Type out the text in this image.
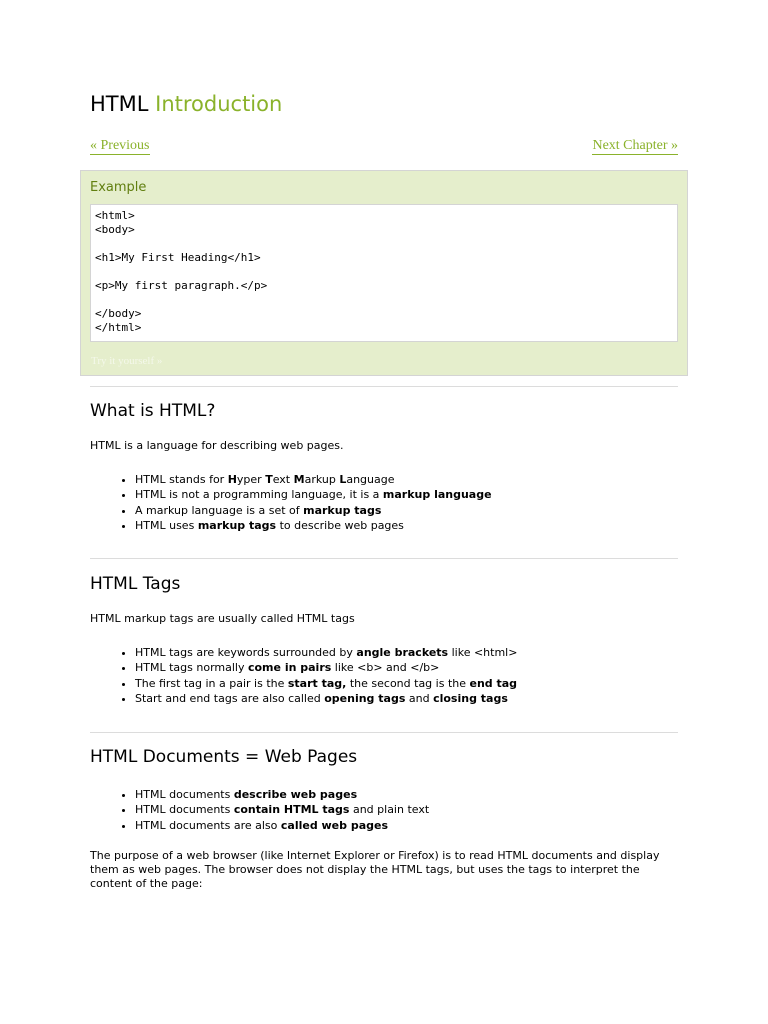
HTML Introduction
« Previous	Next Chapter »
Example
<html>
<body>

<h1>My First Heading</h1>

<p>My first paragraph.</p>

</body>
</html>
Try it yourself »
What is HTML?

HTML is a language for describing web pages.

• HTML stands for Hyper Text Markup Language
• HTML is not a programming language, it is a markup language
• A markup language is a set of markup tags
• HTML uses markup tags to describe web pages
HTML Tags

HTML markup tags are usually called HTML tags

• HTML tags are keywords surrounded by angle brackets like <html>
• HTML tags normally come in pairs like <b> and </b>
• The first tag in a pair is the start tag, the second tag is the end tag
• Start and end tags are also called opening tags and closing tags
HTML Documents = Web Pages
• HTML documents describe web pages
• HTML documents contain HTML tags and plain text
• HTML documents are also called web pages

The purpose of a web browser (like Internet Explorer or Firefox) is to read HTML documents and display them as web pages. The browser does not display the HTML tags, but uses the tags to interpret the content of the page:
